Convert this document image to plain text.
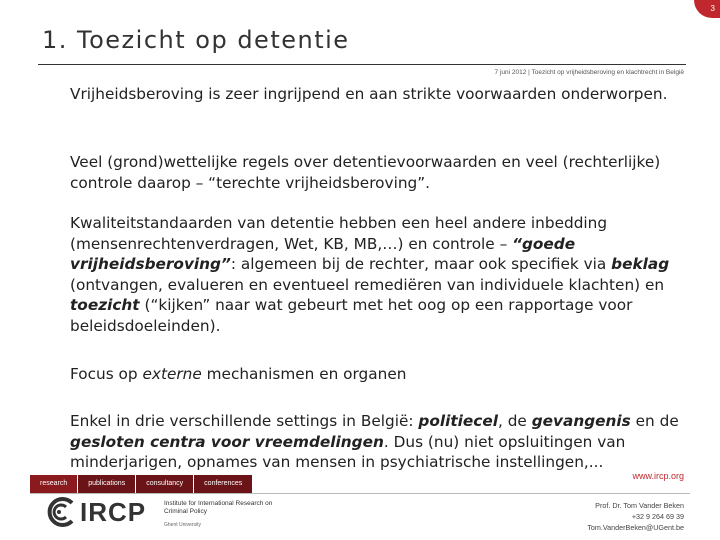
3
1. Toezicht op detentie
7 juni 2012 | Toezicht op vrijheidsberoving en klachtrecht in België

Vrijheidsberoving is zeer ingrijpend en aan strikte voorwaarden onderworpen.

Veel (grond)wettelijke regels over detentievoorwaarden en veel (rechterlijke) controle daarop – “terechte vrijheidsberoving”.

Kwaliteitstandaarden van detentie hebben een heel andere inbedding (mensenrechtenverdragen, Wet, KB, MB,…) en controle – “goede vrijheidsberoving”: algemeen bij de rechter, maar ook specifiek via beklag (ontvangen, evalueren en eventueel remediëren van individuele klachten) en toezicht (“kijken” naar wat gebeurt met het oog op een rapportage voor beleidsdoeleinden).

Focus op externe mechanismen en organen

Enkel in drie verschillende settings in België: politiecel, de gevangenis en de gesloten centra voor vreemdelingen. Dus (nu) niet opsluitingen van minderjarigen, opnames van mensen in psychiatrische instellingen,...

research	publications	consultancy	conferences
www.ircp.org
IRCP	Institute for International Research on Criminal Policy
Ghent University
Prof. Dr. Tom Vander Beken
+32 9 264 69 39
Tom.VanderBeken@UGent.be
